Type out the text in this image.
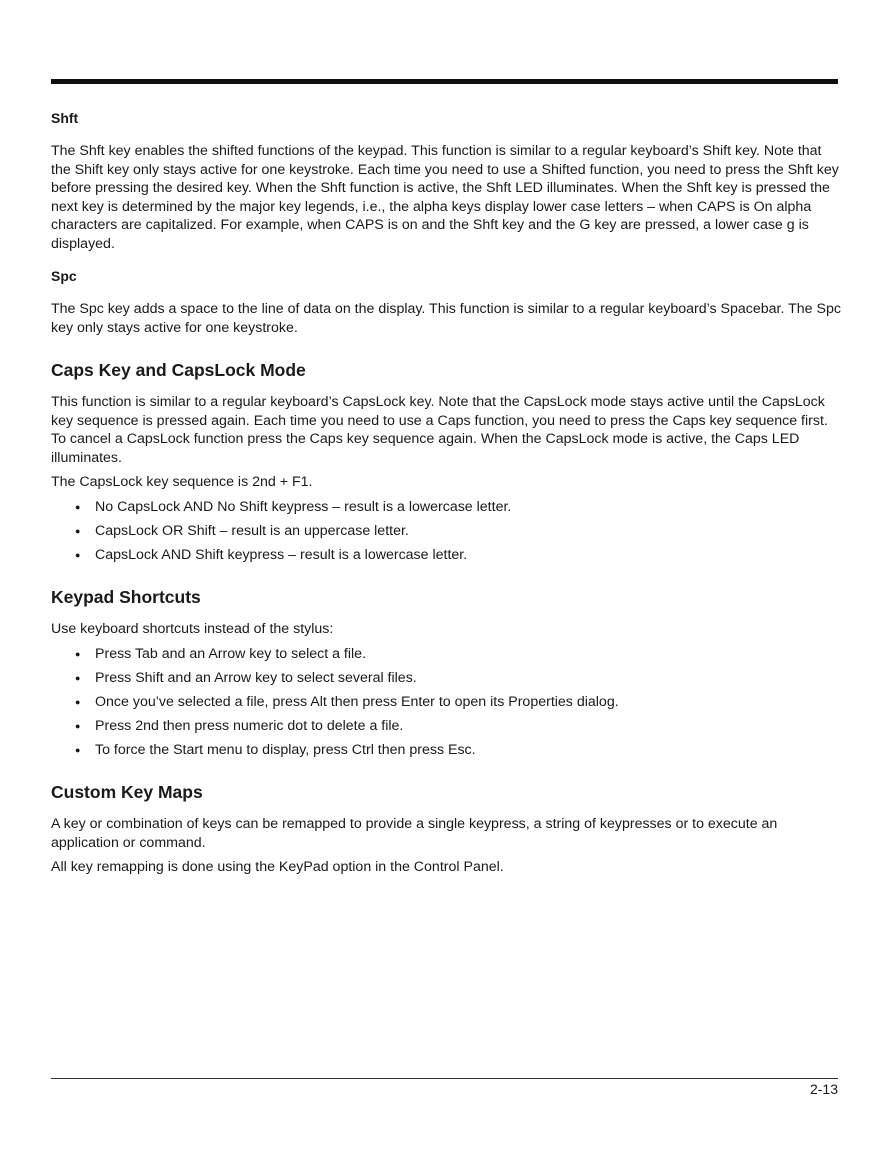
Shft

The Shft key enables the shifted functions of the keypad. This function is similar to a regular keyboard’s Shift key. Note that the Shift key only stays active for one keystroke. Each time you need to use a Shifted function, you need to press the Shft key before pressing the desired key. When the Shft function is active, the Shft LED illuminates. When the Shft key is pressed the next key is determined by the major key legends, i.e., the alpha keys display lower case letters – when CAPS is On alpha characters are capitalized. For example, when CAPS is on and the Shft key and the G key are pressed, a lower case g is displayed.

Spc

The Spc key adds a space to the line of data on the display. This function is similar to a regular keyboard’s Spacebar. The Spc key only stays active for one keystroke.

Caps Key and CapsLock Mode

This function is similar to a regular keyboard’s CapsLock key. Note that the CapsLock mode stays active until the CapsLock key sequence is pressed again. Each time you need to use a Caps function, you need to press the Caps key sequence first. To cancel a CapsLock function press the Caps key sequence again. When the CapsLock mode is active, the Caps LED illuminates.

The CapsLock key sequence is 2nd + F1.

● No CapsLock AND No Shift keypress – result is a lowercase letter.
● CapsLock OR Shift – result is an uppercase letter.
● CapsLock AND Shift keypress – result is a lowercase letter.
Keypad Shortcuts

Use keyboard shortcuts instead of the stylus:

● Press Tab and an Arrow key to select a file.
● Press Shift and an Arrow key to select several files.
● Once you’ve selected a file, press Alt then press Enter to open its Properties dialog.
● Press 2nd then press numeric dot to delete a file.
● To force the Start menu to display, press Ctrl then press Esc.
Custom Key Maps

A key or combination of keys can be remapped to provide a single keypress, a string of keypresses or to execute an application or command.

All key remapping is done using the KeyPad option in the Control Panel.

2-13
